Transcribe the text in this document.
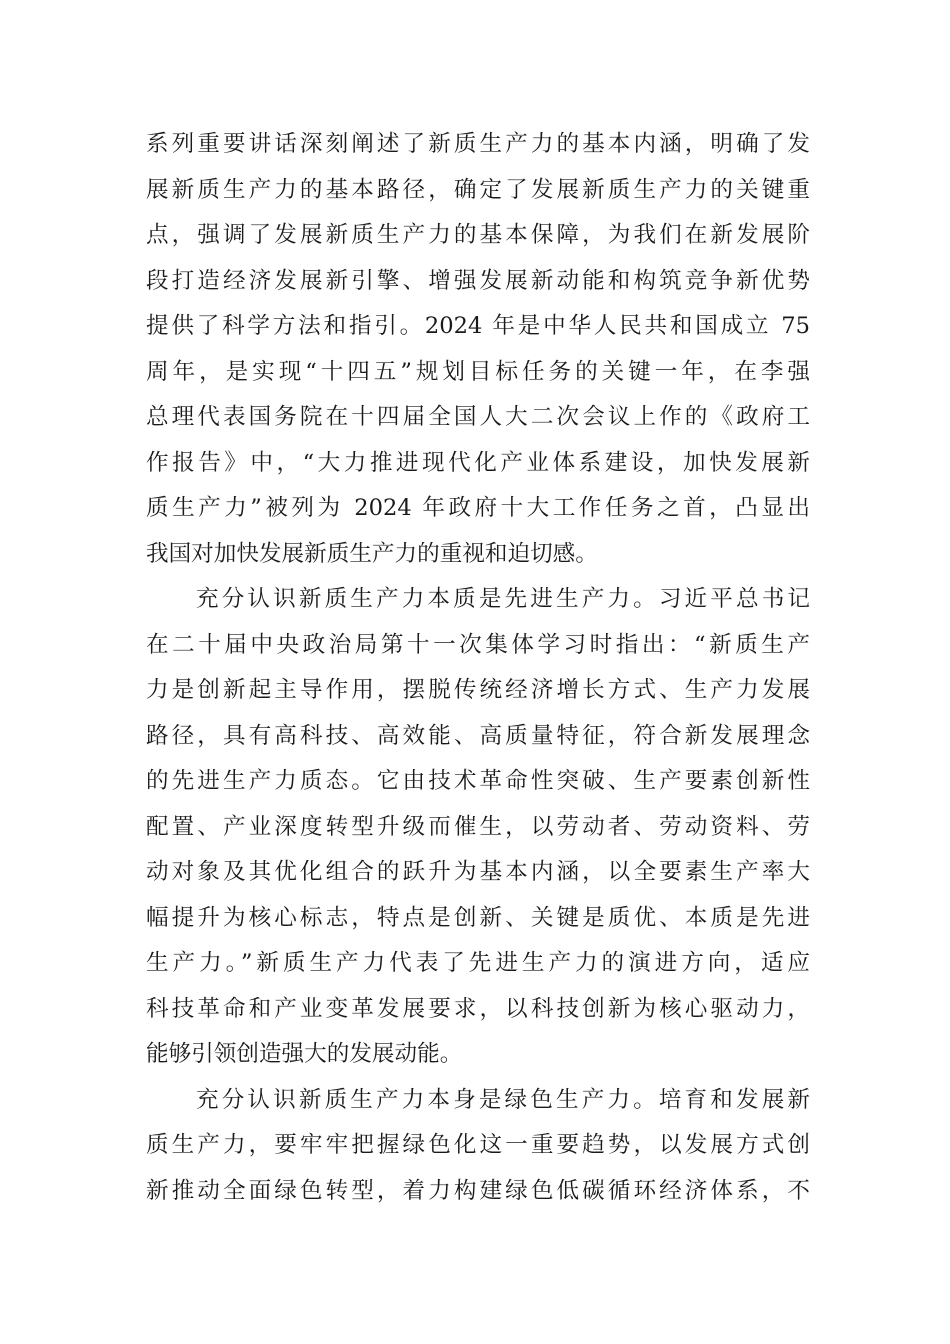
系列重要讲话深刻阐述了新质生产力的基本内涵，明确了发
展新质生产力的基本路径，确定了发展新质生产力的关键重
点，强调了发展新质生产力的基本保障，为我们在新发展阶
段打造经济发展新引擎、增强发展新动能和构筑竞争新优势
提供了科学方法和指引。2024 年是中华人民共和国成立 75
周年，是实现“十四五”规划目标任务的关键一年，在李强
总理代表国务院在十四届全国人大二次会议上作的《政府工
作报告》中，“大力推进现代化产业体系建设，加快发展新
质生产力”被列为 2024 年政府十大工作任务之首，凸显出
我国对加快发展新质生产力的重视和迫切感。
充分认识新质生产力本质是先进生产力。习近平总书记
在二十届中央政治局第十一次集体学习时指出：“新质生产
力是创新起主导作用，摆脱传统经济增长方式、生产力发展
路径，具有高科技、高效能、高质量特征，符合新发展理念
的先进生产力质态。它由技术革命性突破、生产要素创新性
配置、产业深度转型升级而催生，以劳动者、劳动资料、劳
动对象及其优化组合的跃升为基本内涵，以全要素生产率大
幅提升为核心标志，特点是创新、关键是质优、本质是先进
生产力。”新质生产力代表了先进生产力的演进方向，适应
科技革命和产业变革发展要求，以科技创新为核心驱动力，
能够引领创造强大的发展动能。
充分认识新质生产力本身是绿色生产力。培育和发展新
质生产力，要牢牢把握绿色化这一重要趋势，以发展方式创
新推动全面绿色转型，着力构建绿色低碳循环经济体系，不
